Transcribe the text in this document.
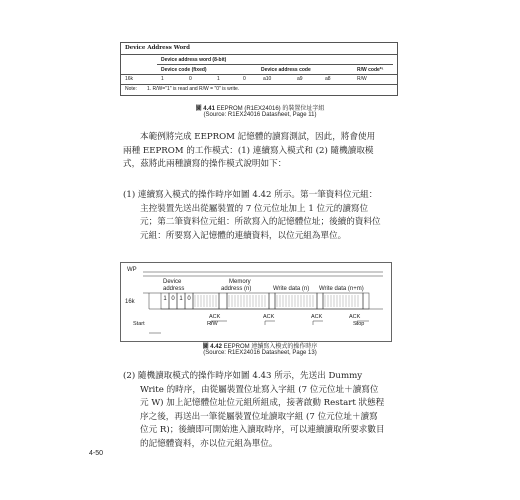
Device Address Word
Device address word (8-bit)
Device code (fixed)	Device address code	R/W code*¹
16k	1	0	1	0	a10	a9	a8	R/W
Note: 1. R/W="1" is read and R/W = "0" is write.
圖 4.41 EEPROM (R1EX24016) 的裝置位址字組
(Source: R1EX24016 Datasheet, Page 11)
本範例將完成 EEPROM 記憶體的讀寫測試，因此，將會使用
兩種 EEPROM 的工作模式：(1) 連續寫入模式和 (2) 隨機讀取模
式，茲將此兩種讀寫的操作模式說明如下：
(1) 連續寫入模式的操作時序如圖 4.42 所示。第一筆資料位元組：
主控裝置先送出從屬裝置的 7 位元位址加上 1 位元的讀寫位
元；第二筆資料位元組：所欲寫入的記憶體位址；後續的資料位
元組：所要寫入記憶體的連續資料，以位元組為單位。
WP
16k
Device
address
Memory
address (n)	Write data (n) Write data (n+m)
1 0 1 0
ACK
R/W
ACK	ACK	ACK
Stop
Start
圖 4.42 EEPROM 連續寫入模式的操作時序
(Source: R1EX24016 Datasheet, Page 13)
(2) 隨機讀取模式的操作時序如圖 4.43 所示，先送出 Dummy
Write 的時序，由從屬裝置位址寫入字組 (7 位元位址＋讀寫位
元 W) 加上記憶體位址位元組所組成，接著啟動 Restart 狀態程
序之後，再送出一筆從屬裝置位址讀取字組 (7 位元位址＋讀寫
位元 R)；後續即可開始進入讀取時序，可以連續讀取所要求數目
的記憶體資料，亦以位元組為單位。
4-50
